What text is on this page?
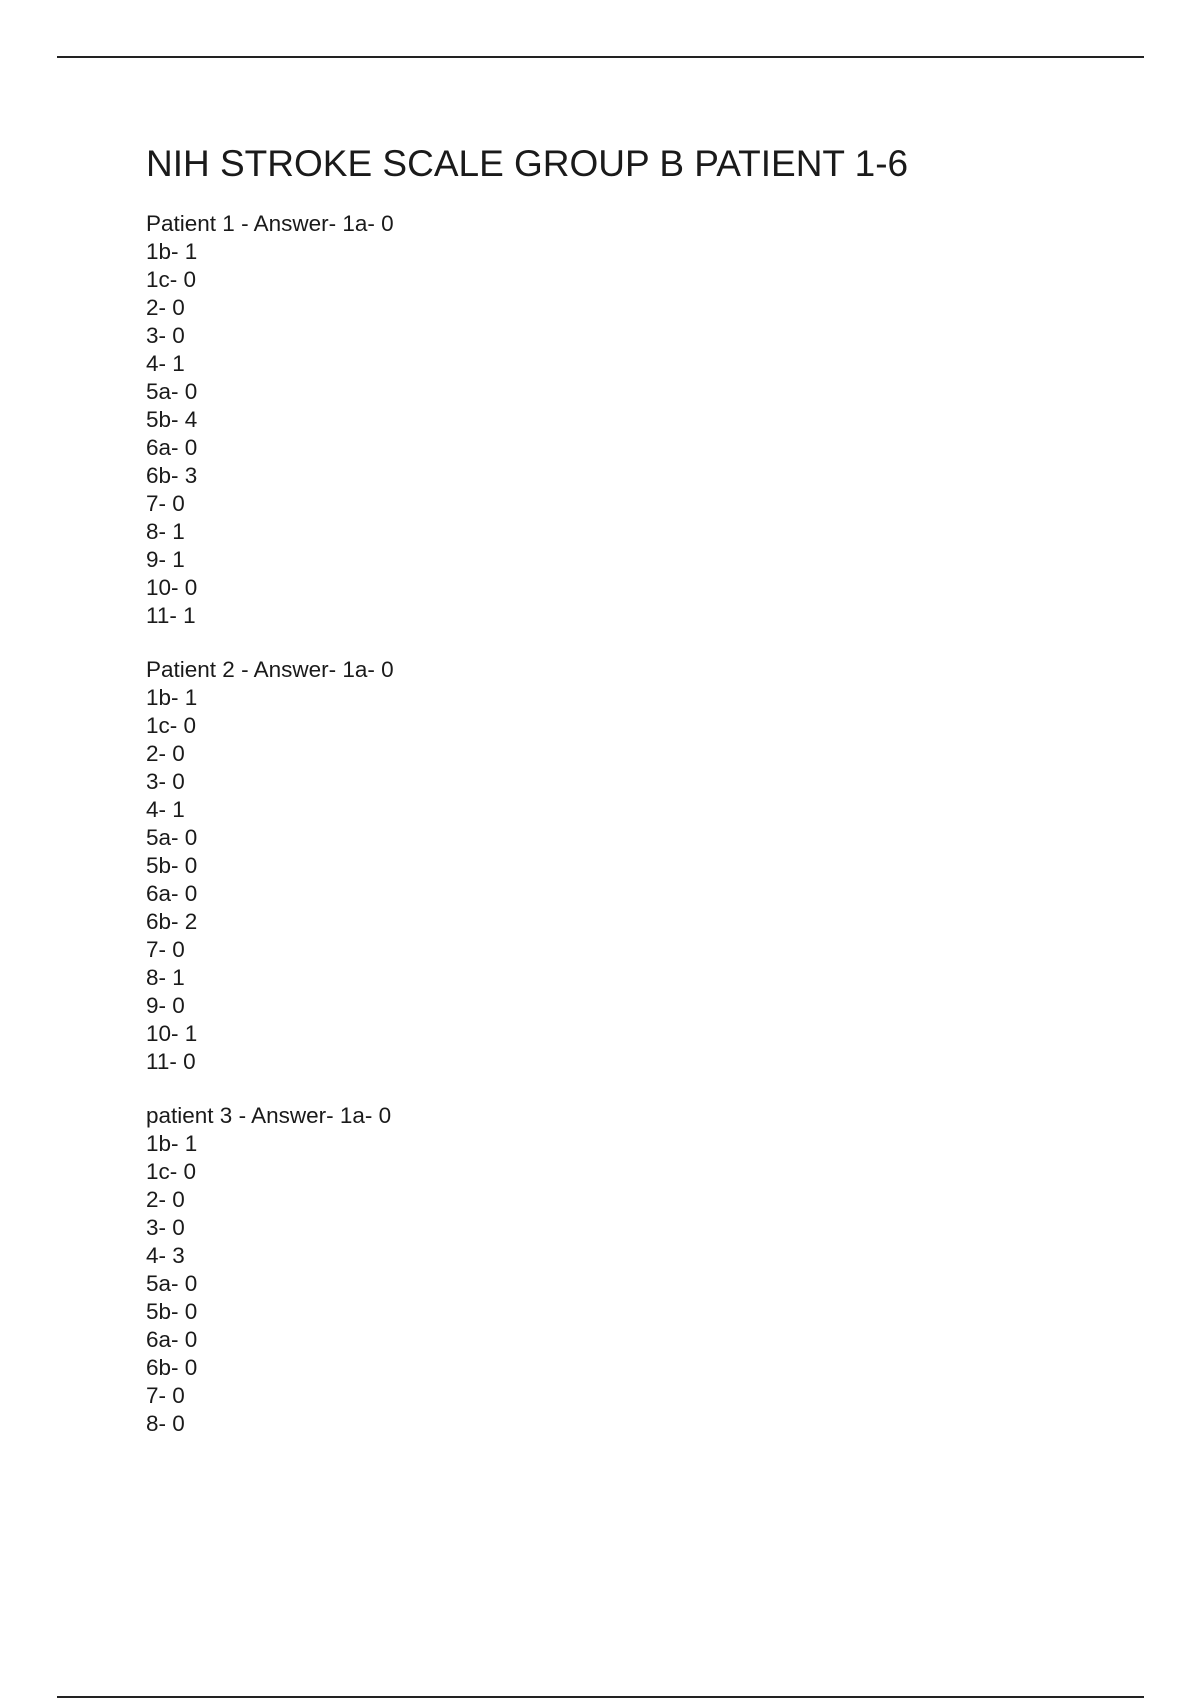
NIH STROKE SCALE GROUP B PATIENT 1-6
Patient 1 - Answer- 1a- 0
1b- 1
1c- 0
2- 0
3- 0
4- 1
5a- 0
5b- 4
6a- 0
6b- 3
7- 0
8- 1
9- 1
10- 0
11- 1
Patient 2 - Answer- 1a- 0
1b- 1
1c- 0
2- 0
3- 0
4- 1
5a- 0
5b- 0
6a- 0
6b- 2
7- 0
8- 1
9- 0
10- 1
11- 0
patient 3 - Answer- 1a- 0
1b- 1
1c- 0
2- 0
3- 0
4- 3
5a- 0
5b- 0
6a- 0
6b- 0
7- 0
8- 0
